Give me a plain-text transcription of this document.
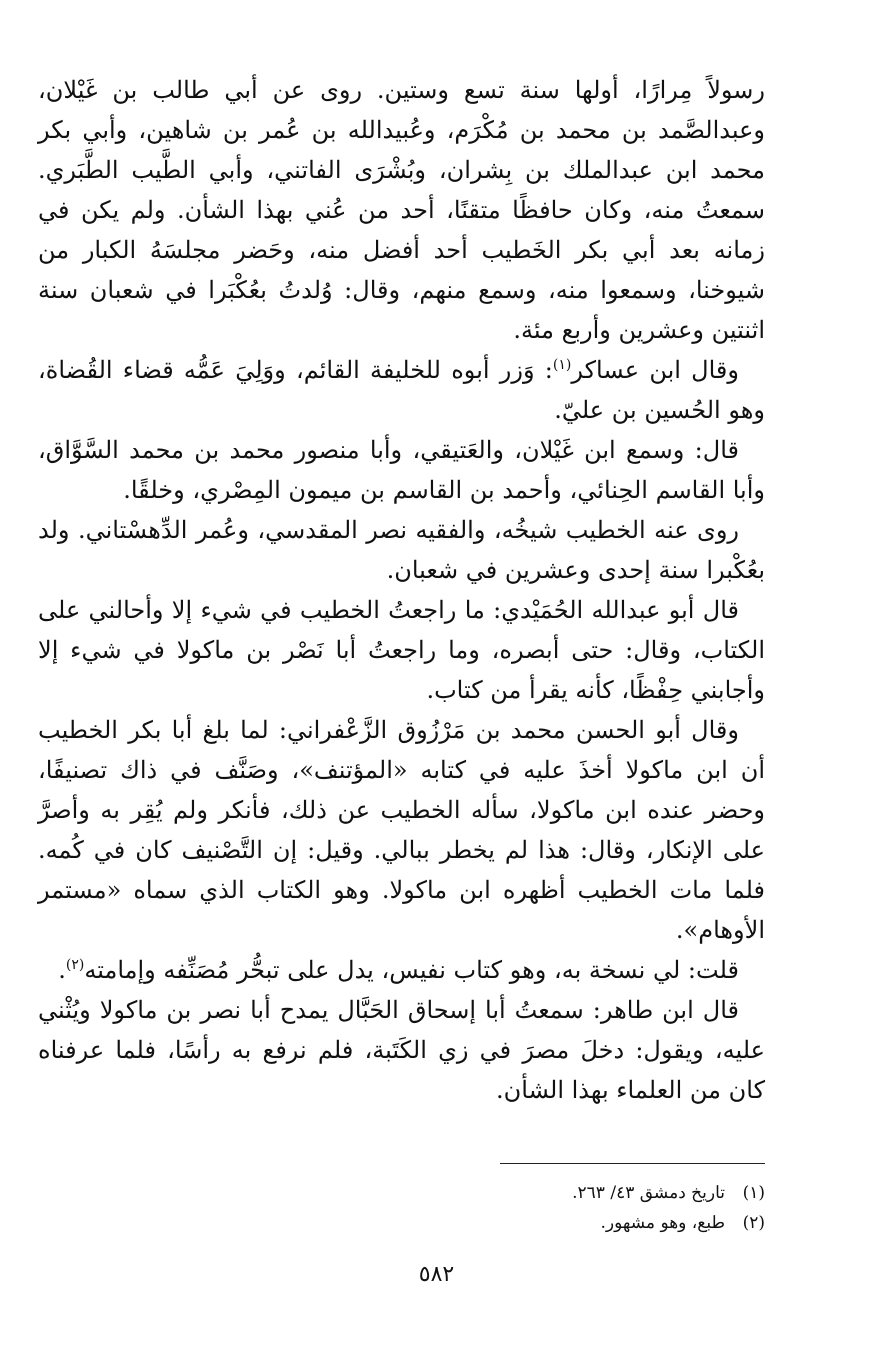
رسولاً مِرارًا، أولها سنة تسع وستين. روى عن أبي طالب بن غَيْلان، وعبدالصَّمد بن محمد بن مُكْرَم، وعُبيدالله بن عُمر بن شاهين، وأبي بكر محمد ابن عبدالملك بن بِشران، وبُشْرَى الفاتني، وأبي الطَّيب الطَّبَري. سمعتُ منه، وكان حافظًا متقنًا، أحد من عُني بهذا الشأن. ولم يكن في زمانه بعد أبي بكر الخَطيب أحد أفضل منه، وحَضر مجلسَهُ الكبار من شيوخنا، وسمعوا منه، وسمع منهم، وقال: وُلدتُ بعُكْبَرا في شعبان سنة اثنتين وعشرين وأربع مئة.

وقال ابن عساكر$^{(١)}$: وَزر أبوه للخليفة القائم، ووَلِيَ عَمُّه قضاء القُضاة، وهو الحُسين بن عليّ.

قال: وسمع ابن غَيْلان، والعَتيقي، وأبا منصور محمد بن محمد السَّوَّاق، وأبا القاسم الحِنائي، وأحمد بن القاسم بن ميمون المِصْري، وخلقًا.

روى عنه الخطيب شيخُه، والفقيه نصر المقدسي، وعُمر الدِّهسْتاني. ولد بعُكْبرا سنة إحدى وعشرين في شعبان.

قال أبو عبدالله الحُمَيْدي: ما راجعتُ الخطيب في شيء إلا وأحالني على الكتاب، وقال: حتى أبصره، وما راجعتُ أبا نَصْر بن ماكولا في شيء إلا وأجابني حِفْظًا، كأنه يقرأ من كتاب.

وقال أبو الحسن محمد بن مَرْزُوق الزَّعْفراني: لما بلغ أبا بكر الخطيب أن ابن ماكولا أخذَ عليه في كتابه «المؤتنف»، وصَنَّف في ذاك تصنيفًا، وحضر عنده ابن ماكولا، سأله الخطيب عن ذلك، فأنكر ولم يُقِر به وأصرَّ على الإنكار، وقال: هذا لم يخطر ببالي. وقيل: إن التَّصْنيف كان في كُمه. فلما مات الخطيب أظهره ابن ماكولا. وهو الكتاب الذي سماه «مستمر الأوهام».

قلت: لي نسخة به، وهو كتاب نفيس، يدل على تبحُّر مُصَنِّفه وإمامته$^{(٢)}$.

قال ابن طاهر: سمعتُ أبا إسحاق الحَبَّال يمدح أبا نصر بن ماكولا ويُثْني عليه، ويقول: دخلَ مصرَ في زي الكَتَبة، فلم نرفع به رأسًا، فلما عرفناه كان من العلماء بهذا الشأن.

(١)تاريخ دمشق ٤٣/ ٢٦٣.

(٢)طبع، وهو مشهور.

٥٨٢
